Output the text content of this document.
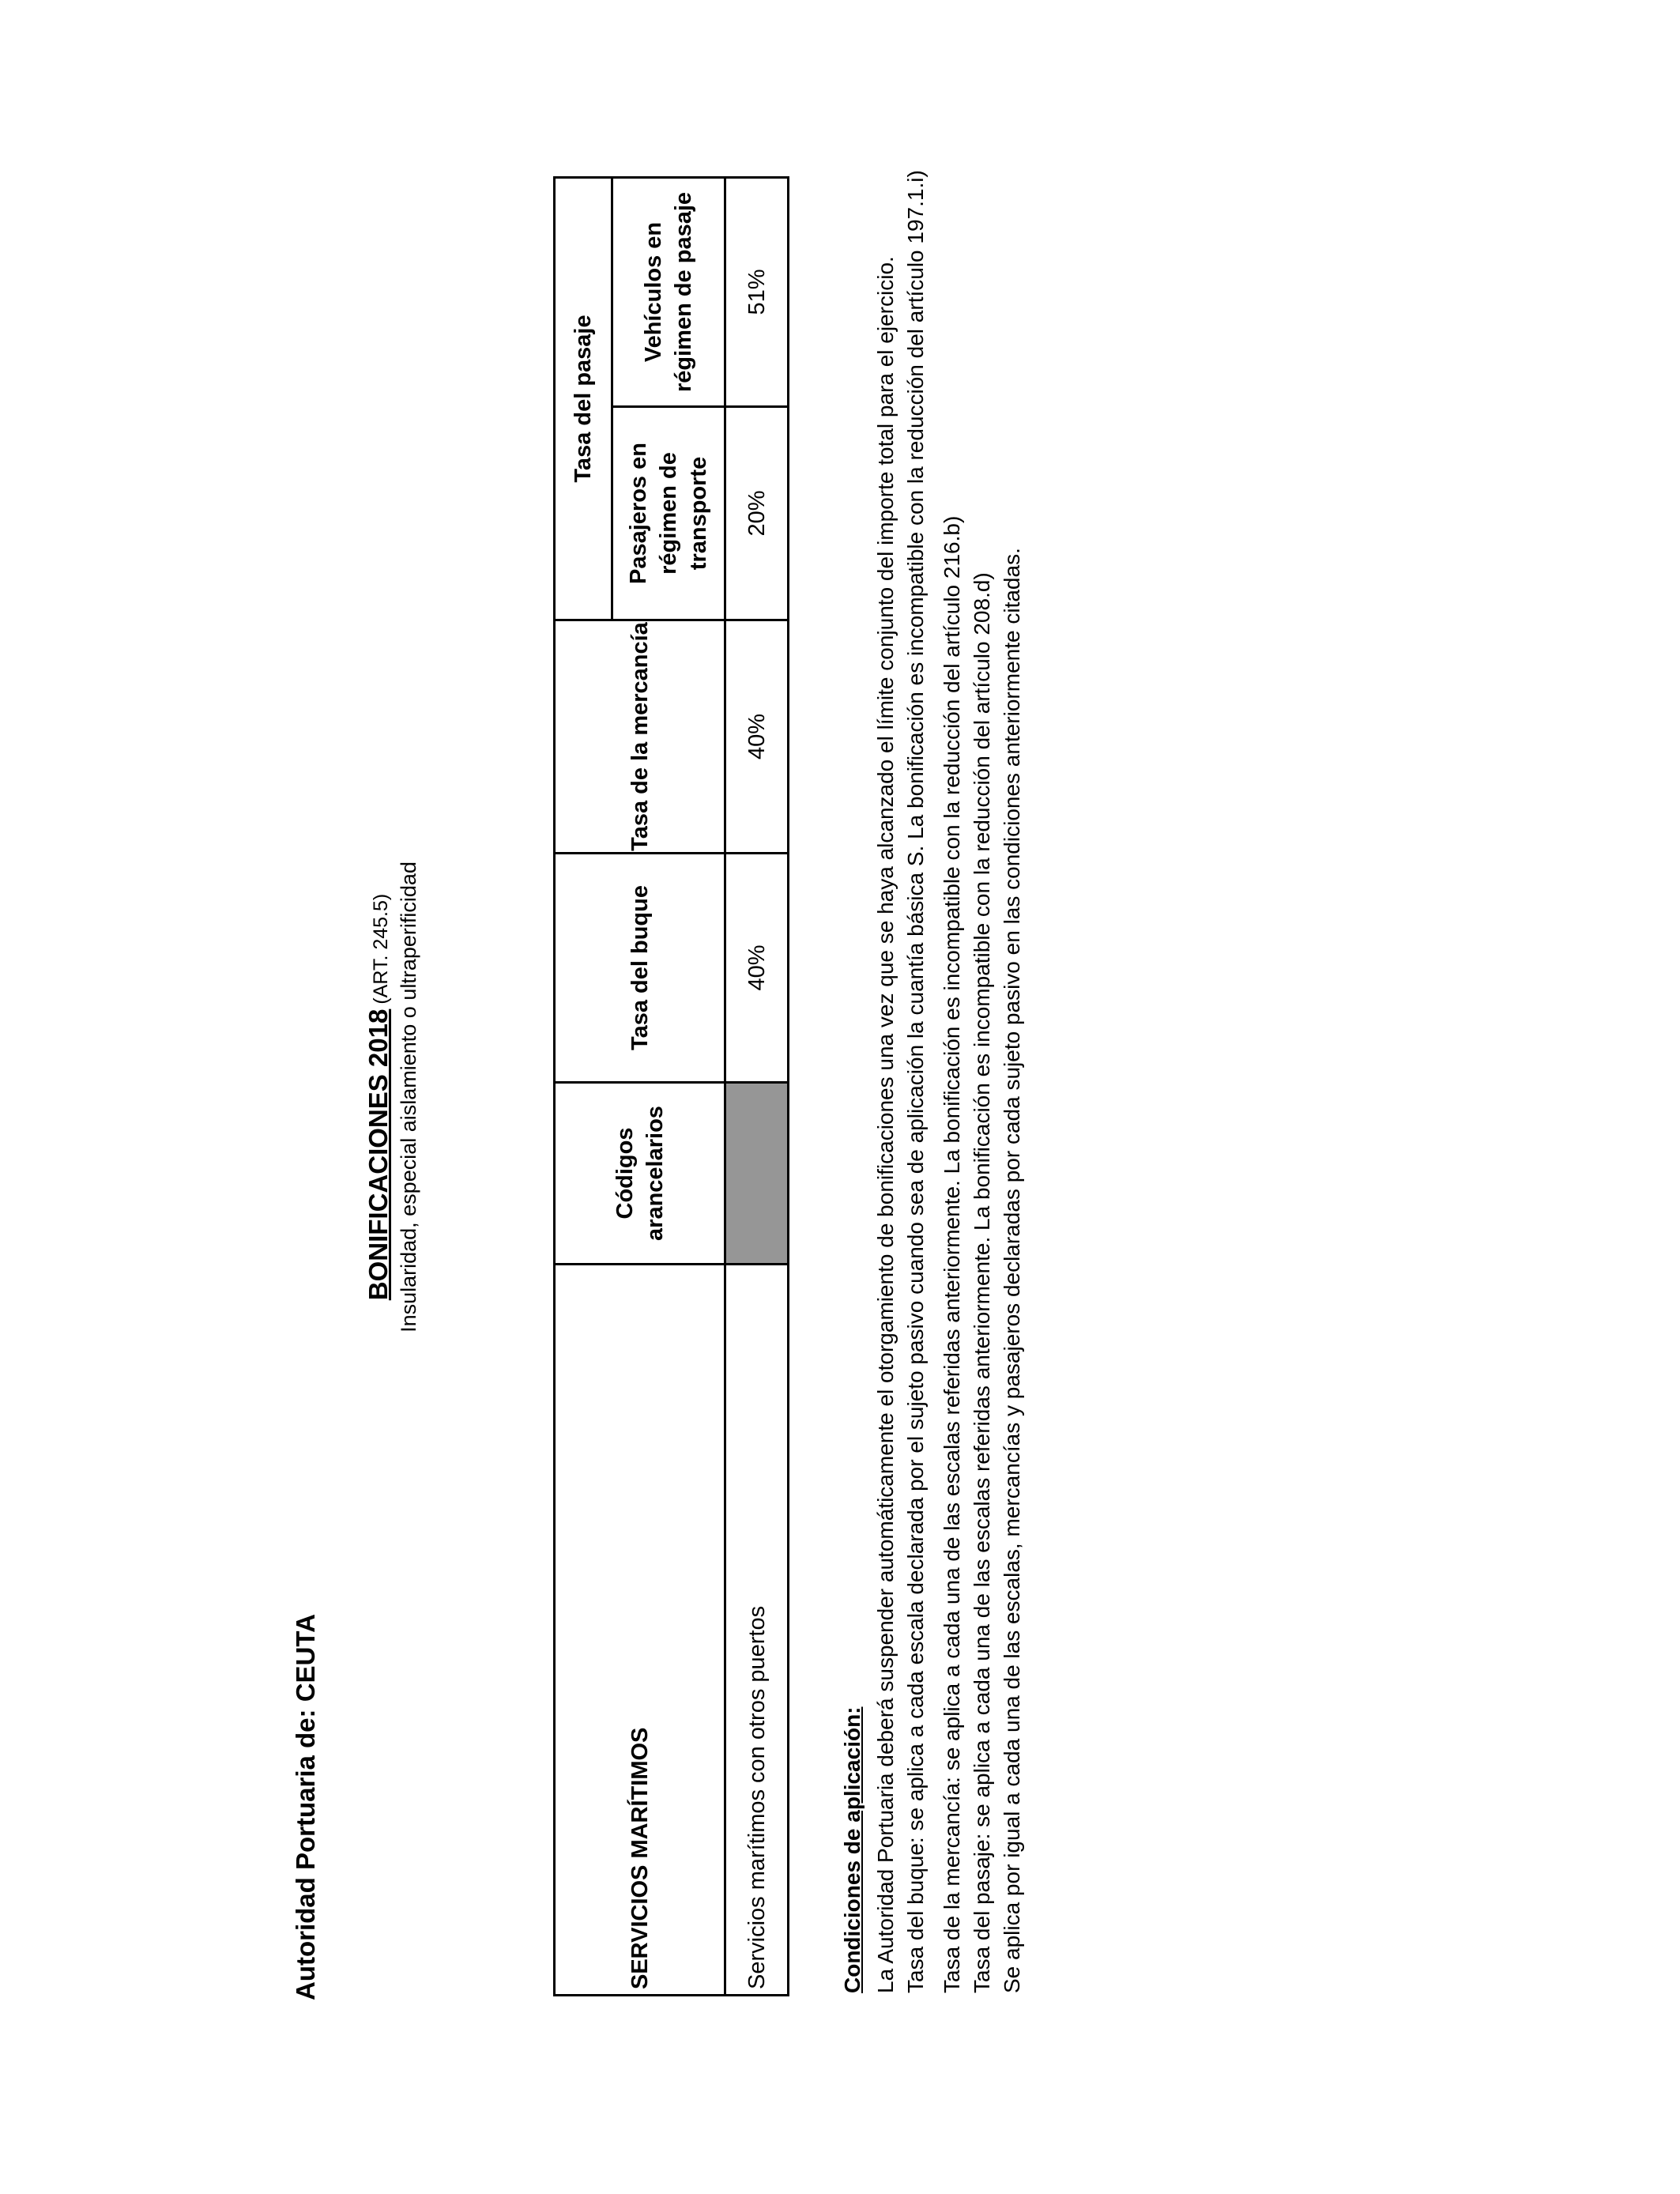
Autoridad Portuaria de: CEUTA
BONIFICACIONES 2018(ART. 245.5) Insularidad, especial aislamiento o ultraperificidad
SERVICIOS MARÍTIMOS	Códigos arancelarios	Tasa del buque	Tasa de la mercancía	Tasa del pasaje	
				Pasajeros en régimen de transporte	Vehículos en régimen de pasaje
Servicios marítimos con otros puertos		40%	40%	20%	51%
Condiciones de aplicación: La Autoridad Portuaria deberá suspender automáticamente el otorgamiento de bonificaciones una vez que se haya alcanzado el límite conjunto del importe total para el ejercicio. Tasa del buque: se aplica a cada escala declarada por el sujeto pasivo cuando sea de aplicación la cuantía básica S. La bonificación es incompatible con la reducción del artículo 197.1.i) Tasa de la mercancía: se aplica a cada una de las escalas referidas anteriormente. La bonificación es incompatible con la reducción del artículo 216.b) Tasa del pasaje: se aplica a cada una de las escalas referidas anteriormente. La bonificación es incompatible con la reducción del artículo 208.d) Se aplica por igual a cada una de las escalas, mercancías y pasajeros declaradas por cada sujeto pasivo en las condiciones anteriormente citadas.
